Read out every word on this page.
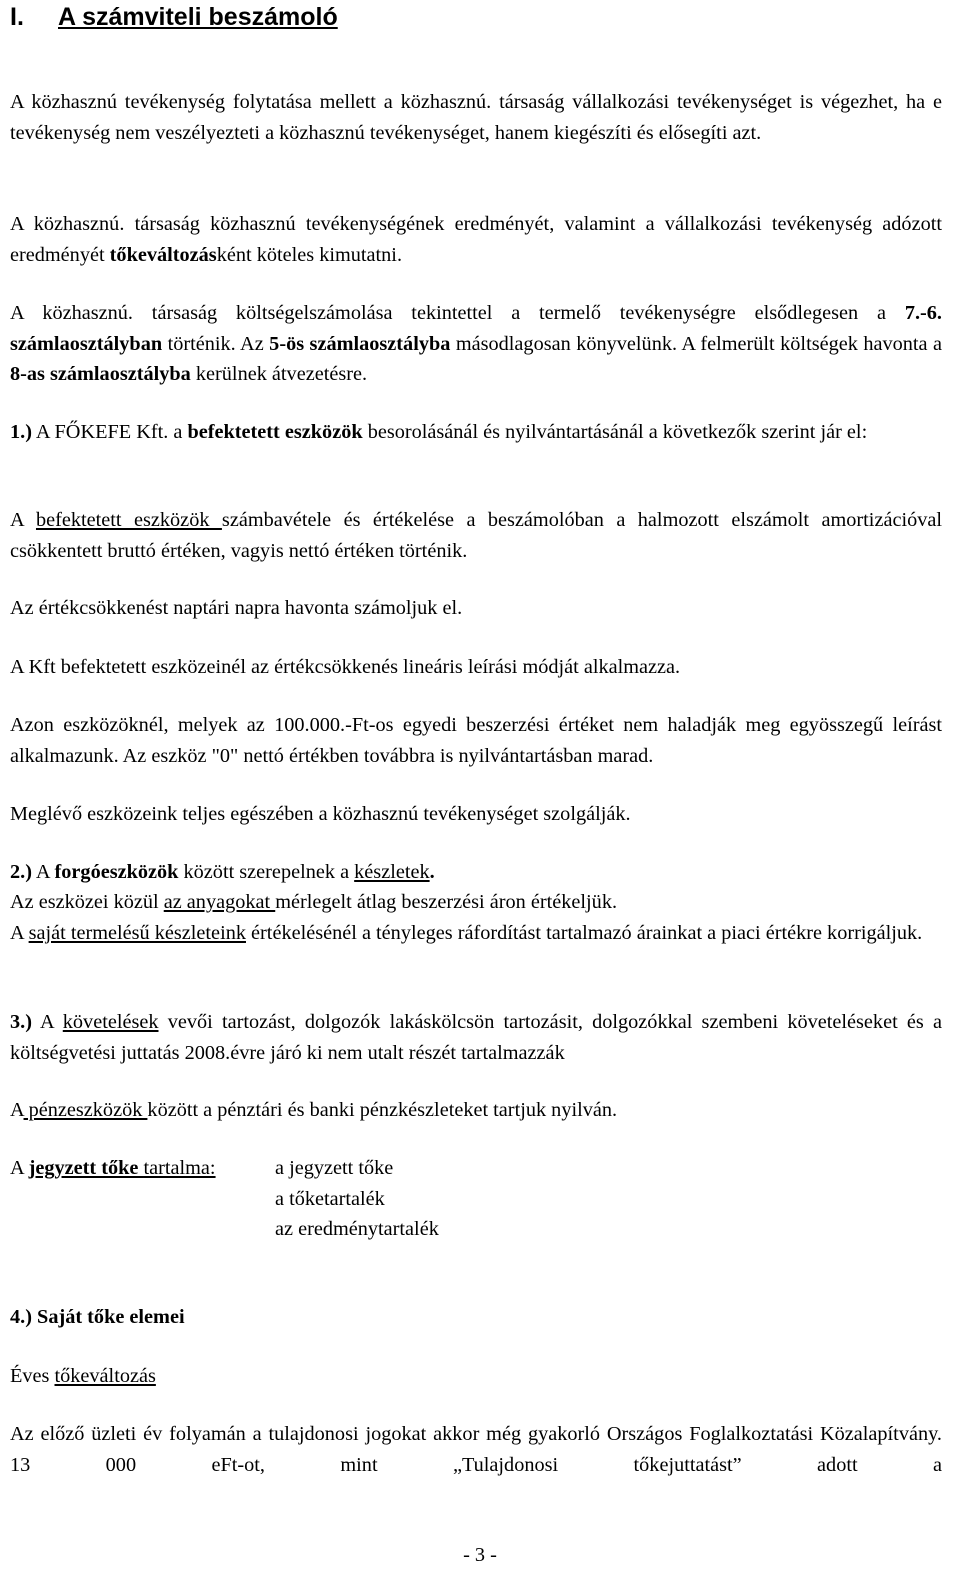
I. A számviteli beszámoló

A közhasznú tevékenység folytatása mellett a közhasznú. társaság vállalkozási tevékenységet is végezhet, ha e tevékenység nem veszélyezteti a közhasznú tevékenységet, hanem kiegészíti és elősegíti azt.

A közhasznú. társaság közhasznú tevékenységének eredményét, valamint a vállalkozási tevékenység adózott eredményét tőkeváltozásként köteles kimutatni.

A közhasznú. társaság költségelszámolása tekintettel a termelő tevékenységre elsődlegesen a 7.-6. számlaosztályban történik. Az 5-ös számlaosztályba másodlagosan könyvelünk. A felmerült költségek havonta a 8-as számlaosztályba kerülnek átvezetésre.

1.) A FŐKEFE Kft. a befektetett eszközök besorolásánál és nyilvántartásánál a következők szerint jár el:

A befektetett eszközök számbavétele és értékelése a beszámolóban a halmozott elszámolt amortizációval csökkentett bruttó értéken, vagyis nettó értéken történik.

Az értékcsökkenést naptári napra havonta számoljuk el.

A Kft befektetett eszközeinél az értékcsökkenés lineáris leírási módját alkalmazza.

Azon eszközöknél, melyek az 100.000.-Ft-os egyedi beszerzési értéket nem haladják meg egyösszegű leírást alkalmazunk. Az eszköz "0" nettó értékben továbbra is nyilvántartásban marad.

Meglévő eszközeink teljes egészében a közhasznú tevékenységet szolgálják.

2.) A forgóeszközök között szerepelnek a készletek.

Az eszközei közül az anyagokat mérlegelt átlag beszerzési áron értékeljük.

A saját termelésű készleteink értékelésénél a tényleges ráfordítást tartalmazó árainkat a piaci értékre korrigáljuk.

3.) A követelések vevői tartozást, dolgozók lakáskölcsön tartozásit, dolgozókkal szembeni követeléseket és a költségvetési juttatás 2008.évre járó ki nem utalt részét tartalmazzák

A pénzeszközök között a pénztári és banki pénzkészleteket tartjuk nyilván.

A jegyzett tőke tartalma:	a jegyzett tőke

a tőketartalék

az eredménytartalék

4.) Saját tőke elemei

Éves tőkeváltozás

Az előző üzleti év folyamán a tulajdonosi jogokat akkor még gyakorló Országos Foglalkoztatási Közalapítvány. 13 000 eFt-ot, mint „Tulajdonosi tőkejuttatást” adott a

- 3 -
